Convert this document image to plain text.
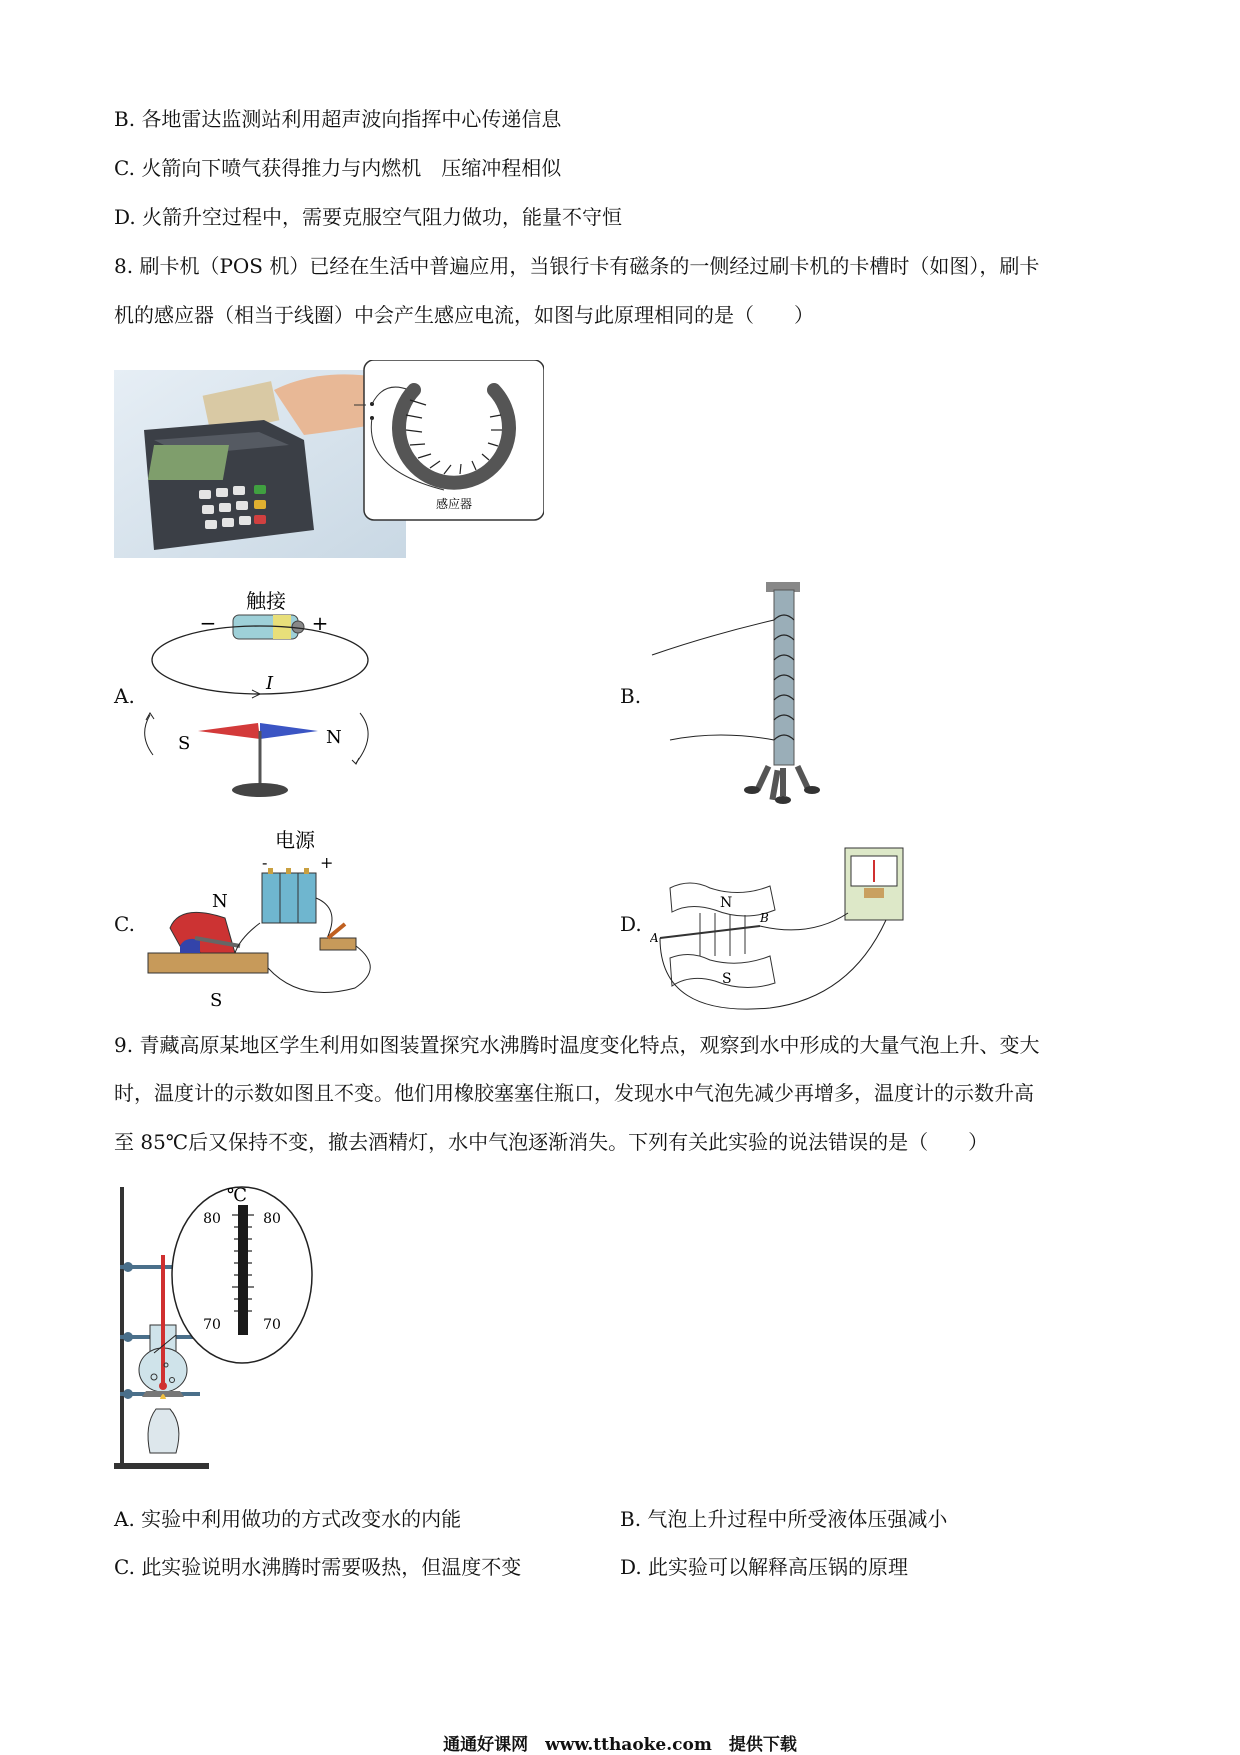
B. 各地雷达监测站利用超声波向指挥中心传递信息
C. 火箭向下喷气获得推力与内燃机　压缩冲程相似
D. 火箭升空过程中，需要克服空气阻力做功，能量不守恒
8. 刷卡机（POS 机）已经在生活中普遍应用，当银行卡有磁条的一侧经过刷卡机的卡槽时（如图），刷卡
机的感应器（相当于线圈）中会产生感应电流，如图与此原理相同的是（　　）
感应器
A.
触接
−	+
I
S	N
B.
C.
电源
-	+
N
S
D.
N
S
A
B
9. 青藏高原某地区学生利用如图装置探究水沸腾时温度变化特点，观察到水中形成的大量气泡上升、变大
时，温度计的示数如图且不变。他们用橡胶塞塞住瓶口，发现水中气泡先减少再增多，温度计的示数升高
至 85℃后又保持不变，撤去酒精灯，水中气泡逐渐消失。下列有关此实验的说法错误的是（　　）
℃
80	80
70	70
A. 实验中利用做功的方式改变水的内能	B. 气泡上升过程中所受液体压强减小
C. 此实验说明水沸腾时需要吸热，但温度不变	D. 此实验可以解释高压锅的原理
通通好课网　www.tthaoke.com　提供下载
